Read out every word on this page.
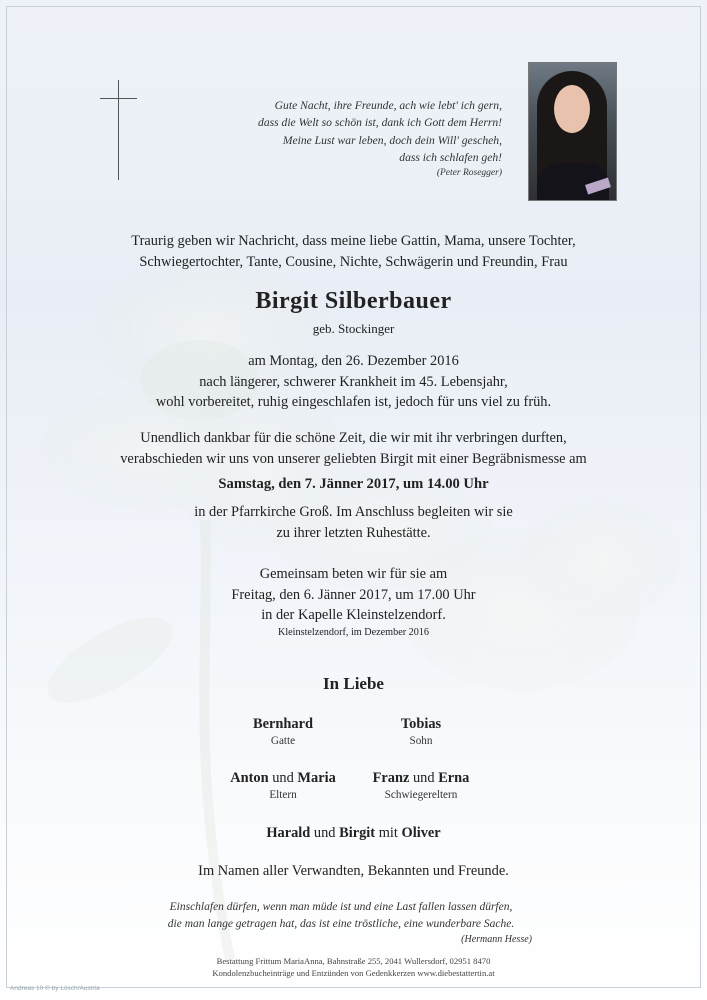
Gute Nacht, ihre Freunde, ach wie lebt' ich gern,
dass die Welt so schön ist, dank ich Gott dem Herrn!
Meine Lust war leben, doch dein Will' gescheh,
dass ich schlafen geh!
(Peter Rosegger)
Traurig geben wir Nachricht, dass meine liebe Gattin, Mama, unsere Tochter,
Schwiegertochter, Tante, Cousine, Nichte, Schwägerin und Freundin, Frau
Birgit Silberbauer
geb. Stockinger
am Montag, den 26. Dezember 2016
nach längerer, schwerer Krankheit im 45. Lebensjahr,
wohl vorbereitet, ruhig eingeschlafen ist, jedoch für uns viel zu früh.
Unendlich dankbar für die schöne Zeit, die wir mit ihr verbringen durften,
verabschieden wir uns von unserer geliebten Birgit mit einer Begräbnismesse am
Samstag, den 7. Jänner 2017, um 14.00 Uhr
in der Pfarrkirche Groß. Im Anschluss begleiten wir sie
zu ihrer letzten Ruhestätte.
Gemeinsam beten wir für sie am
Freitag, den 6. Jänner 2017, um 17.00 Uhr
in der Kapelle Kleinstelzendorf.
Kleinstelzendorf, im Dezember 2016
In Liebe
Bernhard
Gatte
Tobias
Sohn
Anton und Maria
Eltern
Franz und Erna
Schwiegereltern
Harald und Birgit mit Oliver
Im Namen aller Verwandten, Bekannten und Freunde.
Einschlafen dürfen, wenn man müde ist und eine Last fallen lassen dürfen,
die man lange getragen hat, das ist eine tröstliche, eine wunderbare Sache.
(Hermann Hesse)
Bestattung Frittum MariaAnna, Bahnstraße 255, 2041 Wullersdorf, 02951 8470
Kondolenzbucheinträge und Entzünden von Gedenkkerzen www.diebestattertin.at
Andreas 10 © by Lösch/Austria
